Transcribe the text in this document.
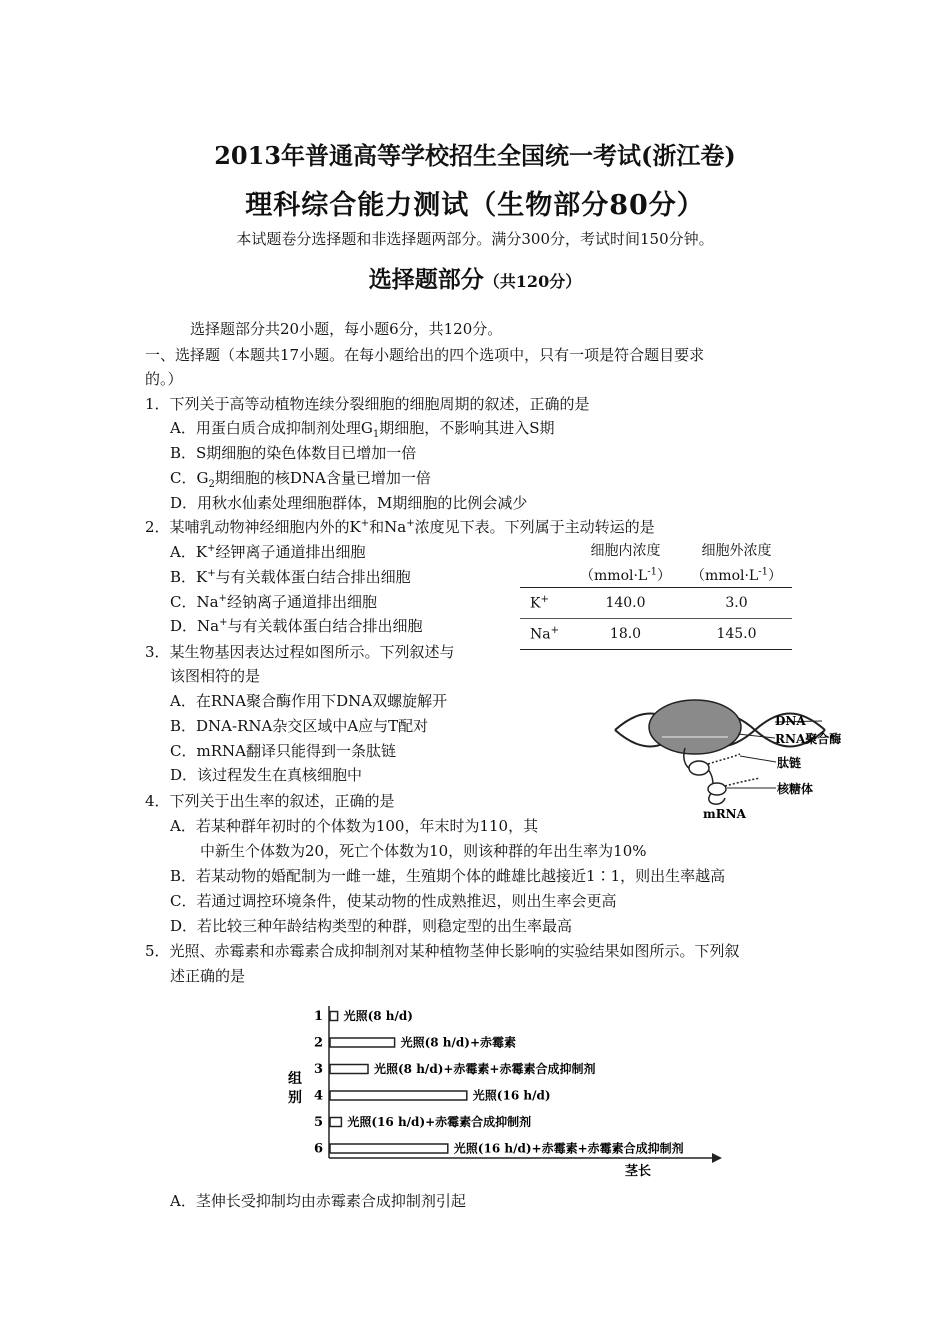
2013年普通高等学校招生全国统一考试(浙江卷)
理科综合能力测试（生物部分80分）
本试题卷分选择题和非选择题两部分。满分300分，考试时间150分钟。
选择题部分（共120分）
选择题部分共20小题，每小题6分，共120分。
一、选择题（本题共17小题。在每小题给出的四个选项中，只有一项是符合题目要求
的。）
1．下列关于高等动植物连续分裂细胞的细胞周期的叙述，正确的是
A．用蛋白质合成抑制剂处理$G_1$期细胞，不影响其进入S期
B．S期细胞的染色体数目已增加一倍
C．$G_2$期细胞的核DNA含量已增加一倍
D．用秋水仙素处理细胞群体，M期细胞的比例会减少
2．某哺乳动物神经细胞内外的K+和Na+浓度见下表。下列属于主动转运的是
A．K+经钾离子通道排出细胞
B．K+与有关载体蛋白结合排出细胞
C．Na+经钠离子通道排出细胞
D．Na+与有关载体蛋白结合排出细胞
	细胞内浓度	细胞外浓度
	$(mmol\cdot L^{-1})$	$(mmol\cdot L^{-1})$
K+	140.0	3.0
Na+	18.0	145.0
3．某生物基因表达过程如图所示。下列叙述与
该图相符的是
A．在RNA聚合酶作用下DNA双螺旋解开
B．DNA-RNA杂交区域中A应与T配对
C．mRNA翻译只能得到一条肽链
D．该过程发生在真核细胞中
DNA
RNA聚合酶
肽链
核糖体
mRNA
4．下列关于出生率的叙述，正确的是
A．若某种群年初时的个体数为100，年末时为110，其
中新生个体数为20，死亡个体数为10，则该种群的年出生率为10%
B．若某动物的婚配制为一雌一雄，生殖期个体的雌雄比越接近1∶1，则出生率越高
C．若通过调控环境条件，使某动物的性成熟推迟，则出生率会更高
D．若比较三种年龄结构类型的种群，则稳定型的出生率最高
5．光照、赤霉素和赤霉素合成抑制剂对某种植物茎伸长影响的实验结果如图所示。下列叙
述正确的是
组
别
茎长
1 光照(8 h/d)
2	光照(8 h/d)+赤霉素
3	光照(8 h/d)+赤霉素+赤霉素合成抑制剂
4	光照(16 h/d)
5 光照(16 h/d)+赤霉素合成抑制剂
6	光照(16 h/d)+赤霉素+赤霉素合成抑制剂
A．茎伸长受抑制均由赤霉素合成抑制剂引起
